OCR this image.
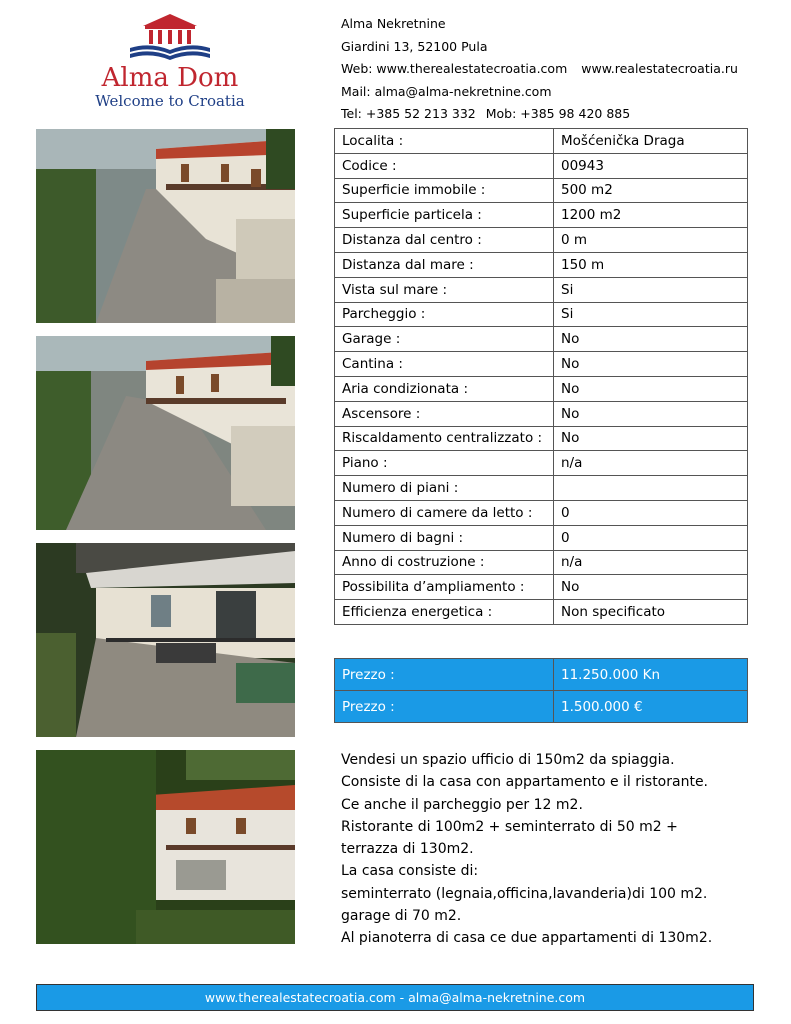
Alma Dom
Welcome to Croatia
Alma Nekretnine
Giardini 13, 52100 Pula
Web: www.therealestatecroatia.com www.realestatecroatia.ru
Mail: alma@alma-nekretnine.com
Tel: +385 52 213 332 Mob: +385 98 420 885
Localita :	Mošćenička Draga
Codice :	00943
Superficie immobile :	500 m2
Superficie particela :	1200 m2
Distanza dal centro :	0 m
Distanza dal mare :	150 m
Vista sul mare :	Si
Parcheggio :	Si
Garage :	No
Cantina :	No
Aria condizionata :	No
Ascensore :	No
Riscaldamento centralizzato :	No
Piano :	n/a
Numero di piani :	
Numero di camere da letto :	0
Numero di bagni :	0
Anno di costruzione :	n/a
Possibilita d’ampliamento :	No
Efficienza energetica :	Non specificato
Prezzo :	11.250.000 Kn
Prezzo :	1.500.000 €

Vendesi un spazio ufficio di 150m2 da spiaggia.

Consiste di la casa con appartamento e il ristorante.

Ce anche il parcheggio per 12 m2.

Ristorante di 100m2 + seminterrato di 50 m2 + terrazza di 130m2.

La casa consiste di:

seminterrato (legnaia,officina,lavanderia)di 100 m2.

garage di 70 m2.

Al pianoterra di casa ce due appartamenti di 130m2.

www.therealestatecroatia.com - alma@alma-nekretnine.com
